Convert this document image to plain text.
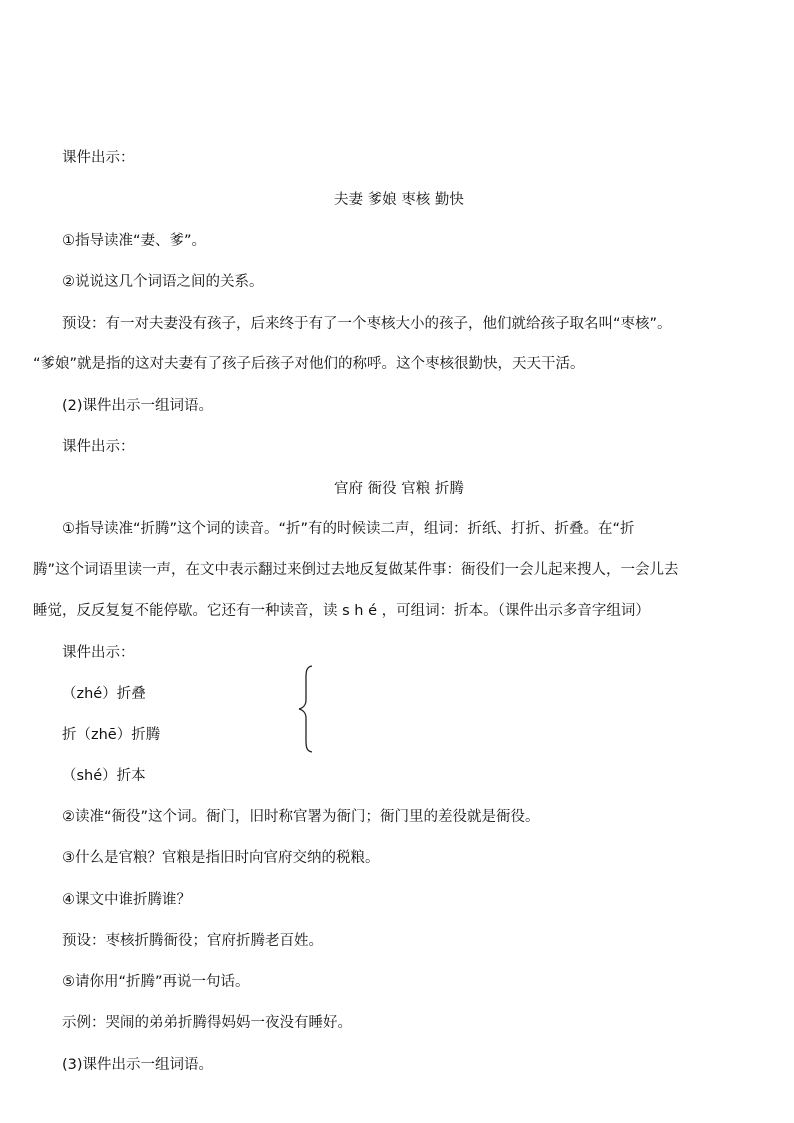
课件出示：
夫妻 爹娘 枣核 勤快
①指导读准“妻、爹”。
②说说这几个词语之间的关系。
预设：有一对夫妻没有孩子，后来终于有了一个枣核大小的孩子，他们就给孩子取名叫“枣核”。
“爹娘”就是指的这对夫妻有了孩子后孩子对他们的称呼。这个枣核很勤快，天天干活。
(2)课件出示一组词语。
课件出示：
官府 衙役 官粮 折腾
①指导读准“折腾”这个词的读音。“折”有的时候读二声，组词：折纸、打折、折叠。在“折
腾”这个词语里读一声，在文中表示翻过来倒过去地反复做某件事：衙役们一会儿起来搜人，一会儿去
睡觉，反反复复不能停歇。它还有一种读音，读 s h é ，可组词：折本。（课件出示多音字组词）
课件出示：
（zhé）折叠
折（zhē）折腾
（shé）折本
②读准“衙役”这个词。衙门，旧时称官署为衙门；衙门里的差役就是衙役。
③什么是官粮？官粮是指旧时向官府交纳的税粮。
④课文中谁折腾谁？
预设：枣核折腾衙役；官府折腾老百姓。
⑤请你用“折腾”再说一句话。
示例：哭闹的弟弟折腾得妈妈一夜没有睡好。
(3)课件出示一组词语。
